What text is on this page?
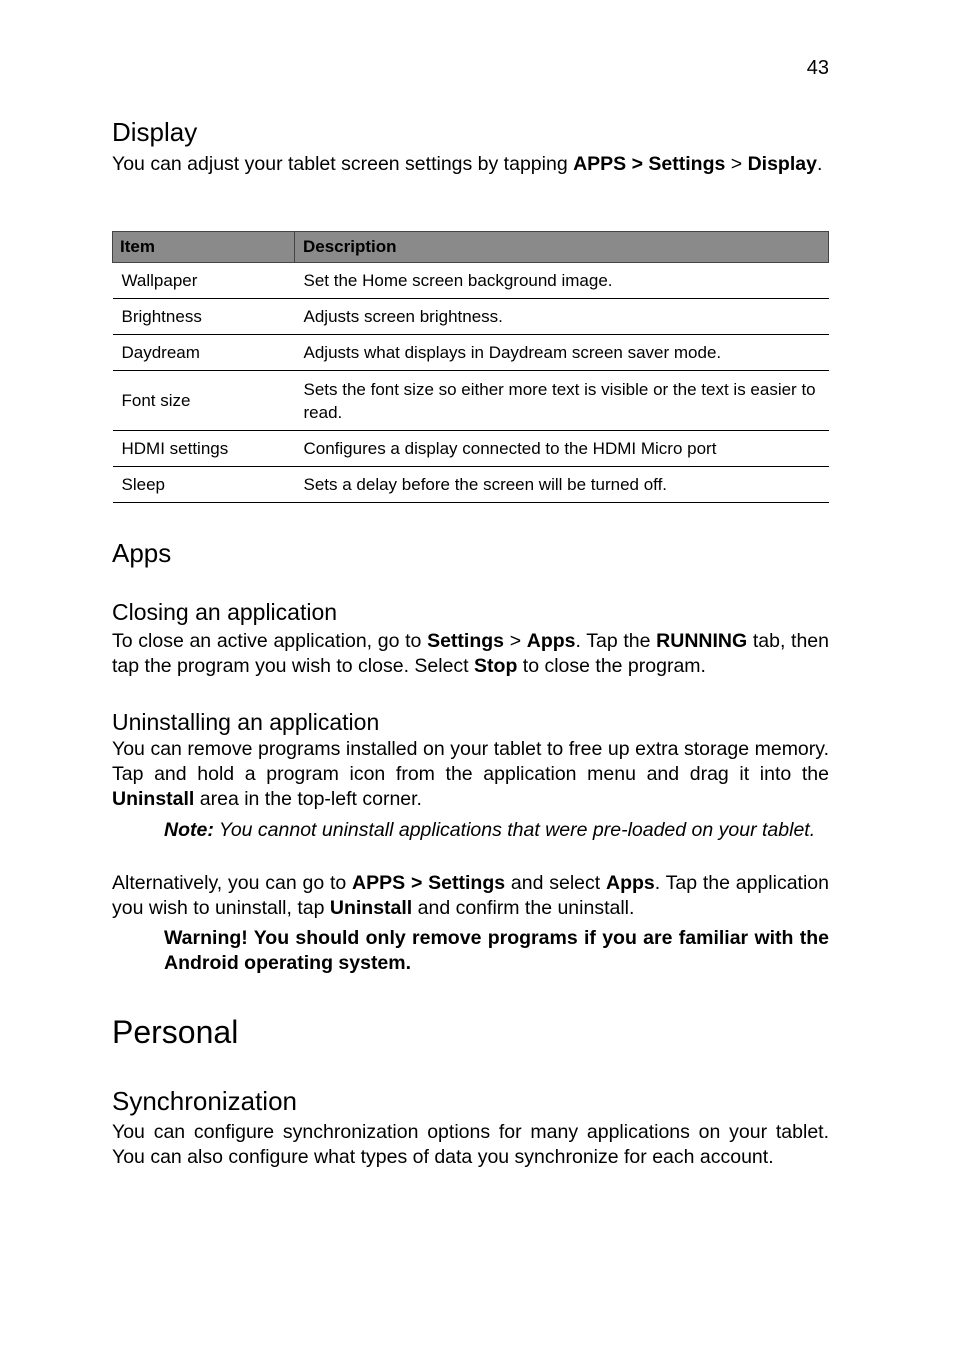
43
Display

You can adjust your tablet screen settings by tapping APPS > Settings > Display.

Item	Description
Wallpaper	Set the Home screen background image.
Brightness	Adjusts screen brightness.
Daydream	Adjusts what displays in Daydream screen saver mode.
Font size	Sets the font size so either more text is visible or the text is easier to read.
HDMI settings	Configures a display connected to the HDMI Micro port
Sleep	Sets a delay before the screen will be turned off.
Apps
Closing an application

To close an active application, go to Settings > Apps. Tap the RUNNING tab, then tap the program you wish to close. Select Stop to close the program.

Uninstalling an application

You can remove programs installed on your tablet to free up extra storage memory. Tap and hold a program icon from the application menu and drag it into the Uninstall area in the top-left corner.

Note: You cannot uninstall applications that were pre-loaded on your tablet.

Alternatively, you can go to APPS > Settings and select Apps. Tap the application you wish to uninstall, tap Uninstall and confirm the uninstall.

Warning! You should only remove programs if you are familiar with the Android operating system.

Personal
Synchronization

You can configure synchronization options for many applications on your tablet. You can also configure what types of data you synchronize for each account.
